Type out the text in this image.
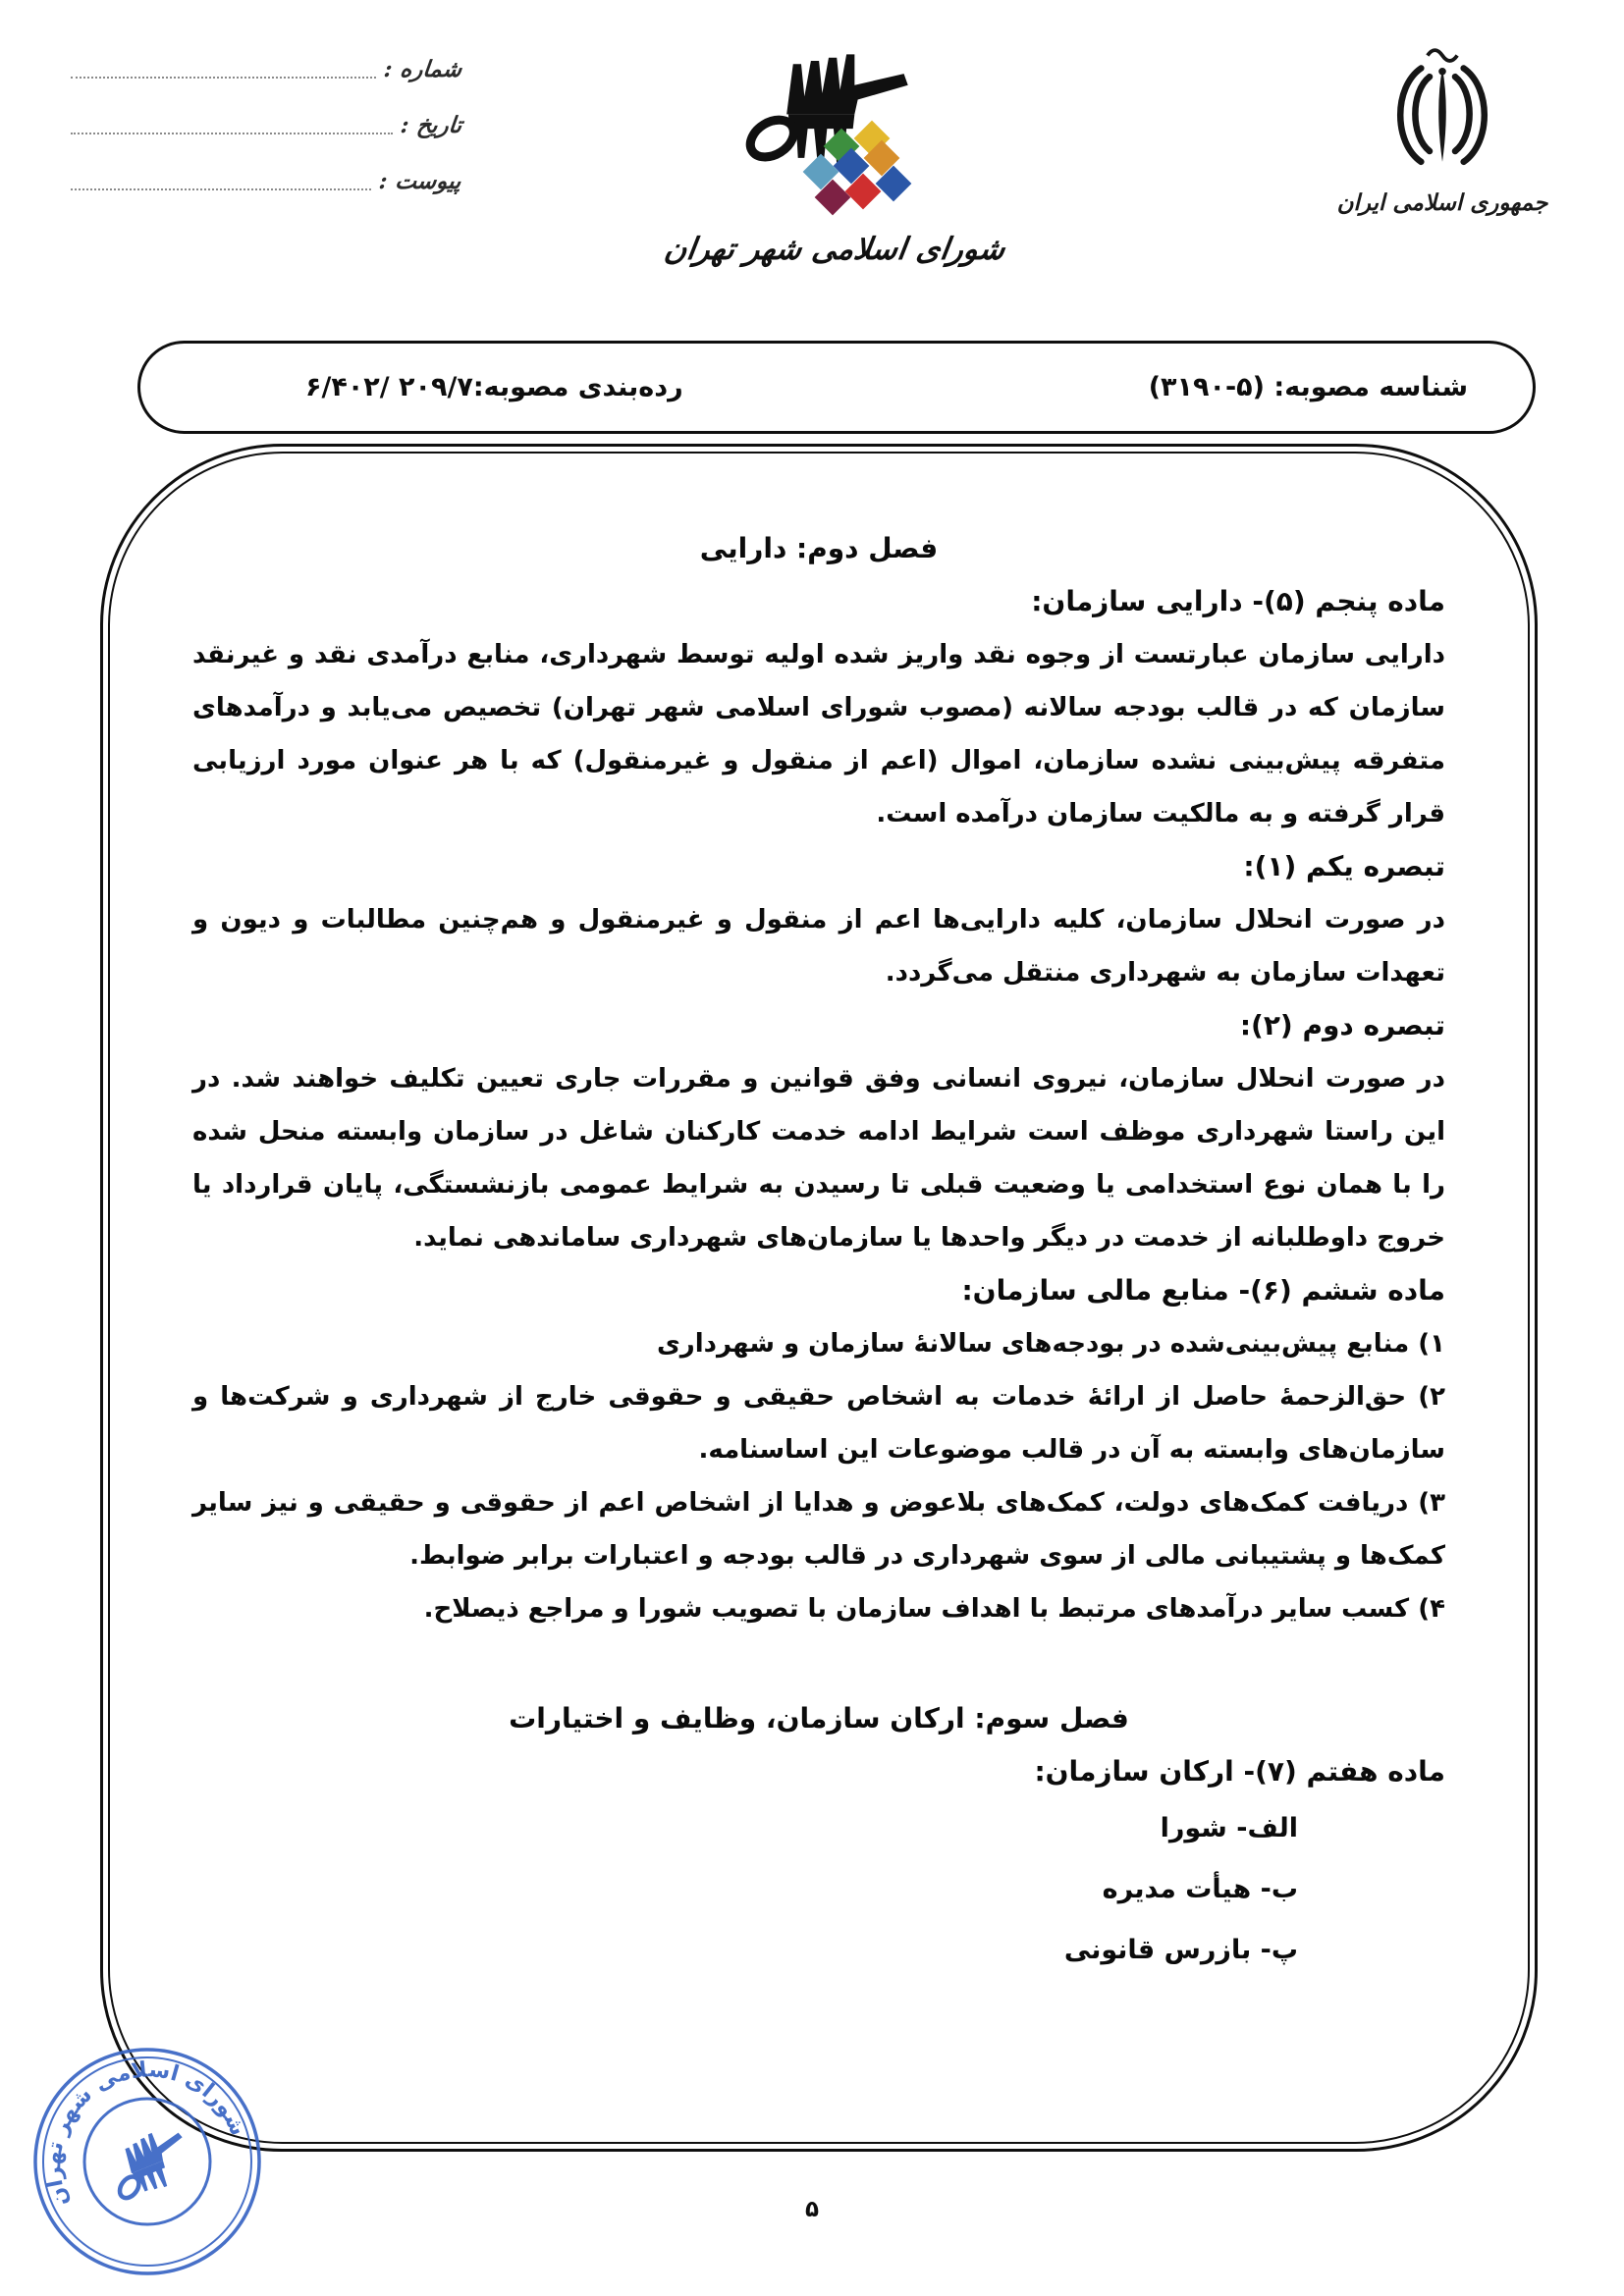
شماره :
تاریخ :
پیوست :
شورای اسلامی شهر تهران
جمهوری اسلامی ایران
شناسه مصوبه: (۵-۳۱۹۰)
رده‌بندی مصوبه:۲۰۹/۷ /۶/۴۰۲
فصل دوم: دارایی
ماده پنجم (۵)- دارایی سازمان:
دارایی سازمان عبارتست از وجوه نقد واریز شده اولیه توسط شهرداری، منابع درآمدی نقد و غیرنقد سازمان که در قالب بودجه سالانه (مصوب شورای اسلامی شهر تهران) تخصیص می‌یابد و درآمدهای متفرقه پیش‌بینی نشده سازمان، اموال (اعم از منقول و غیرمنقول) که با هر عنوان مورد ارزیابی قرار گرفته و به مالکیت سازمان درآمده است.
تبصره یکم (۱):
در صورت انحلال سازمان، کلیه دارایی‌ها اعم از منقول و غیرمنقول و هم‌چنین مطالبات و دیون و تعهدات سازمان به شهرداری منتقل می‌گردد.
تبصره دوم (۲):
در صورت انحلال سازمان، نیروی انسانی وفق قوانین و مقررات جاری تعیین تکلیف خواهند شد. در این راستا شهرداری موظف است شرایط ادامه خدمت کارکنان شاغل در سازمان وابسته منحل شده را با همان نوع استخدامی یا وضعیت قبلی تا رسیدن به شرایط عمومی بازنشستگی، پایان قرارداد یا خروج داوطلبانه از خدمت در دیگر واحدها یا سازمان‌های شهرداری ساماندهی نماید.
ماده ششم (۶)- منابع مالی سازمان:
۱) منابع پیش‌بینی‌شده در بودجه‌های سالانهٔ سازمان و شهرداری
۲) حق‌الزحمهٔ حاصل از ارائهٔ خدمات به اشخاص حقیقی و حقوقی خارج از شهرداری و شرکت‌ها و سازمان‌های وابسته به آن در قالب موضوعات این اساسنامه.
۳) دریافت کمک‌های دولت، کمک‌های بلاعوض و هدایا از اشخاص اعم از حقوقی و حقیقی و نیز سایر کمک‌ها و پشتیبانی مالی از سوی شهرداری در قالب بودجه و اعتبارات برابر ضوابط.
۴) کسب سایر درآمدهای مرتبط با اهداف سازمان با تصویب شورا و مراجع ذیصلاح.
فصل سوم: ارکان سازمان، وظایف و اختیارات
ماده هفتم (۷)- ارکان سازمان:
الف- شورا
ب- هیأت مدیره
پ- بازرس قانونی
شورای اسلامی شهر تهران
۵
